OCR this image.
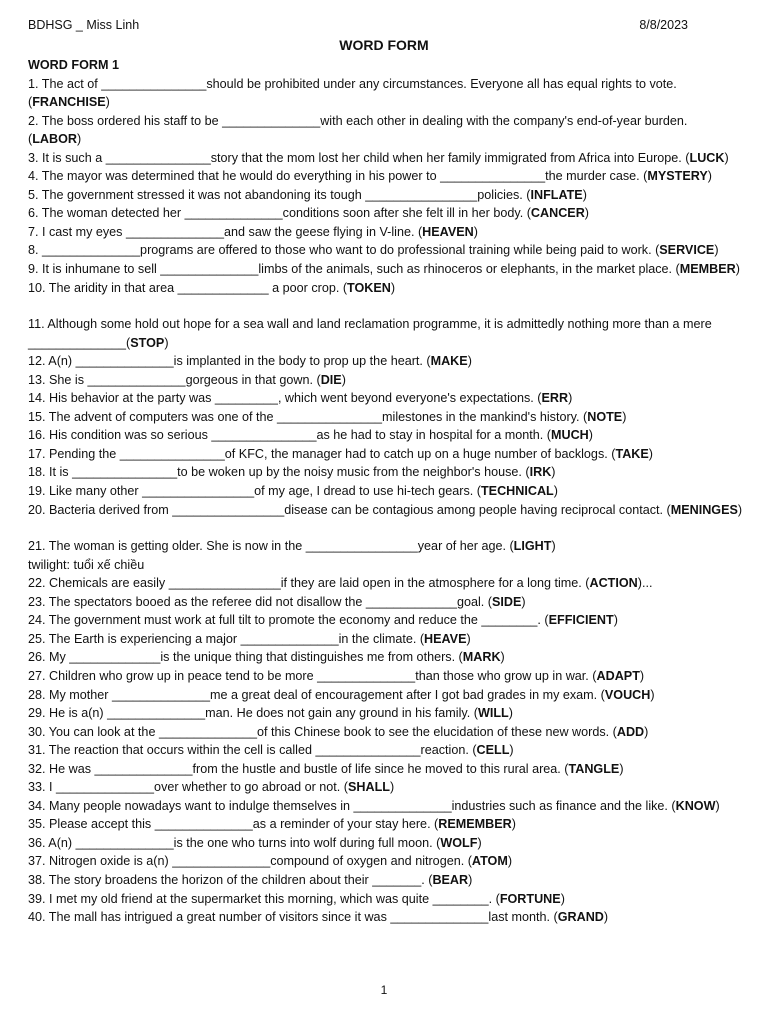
BDHSG _ Miss Linh	8/8/2023
WORD FORM
WORD FORM 1
1. The act of _______________should be prohibited under any circumstances. Everyone all has equal rights to vote. (FRANCHISE)
2. The boss ordered his staff to be ______________with each other in dealing with the company's end-of-year burden. (LABOR)
3. It is such a _______________story that the mom lost her child when her family immigrated from Africa into Europe. (LUCK)
4. The mayor was determined that he would do everything in his power to _______________the murder case. (MYSTERY)
5. The government stressed it was not abandoning its tough ________________policies. (INFLATE)
6. The woman detected her ______________conditions soon after she felt ill in her body. (CANCER)
7. I cast my eyes ______________and saw the geese flying in V-line. (HEAVEN)
8. ______________programs are offered to those who want to do professional training while being paid to work. (SERVICE)
9. It is inhumane to sell ______________limbs of the animals, such as rhinoceros or elephants, in the market place. (MEMBER)
10. The aridity in that area _____________ a poor crop. (TOKEN)
11. Although some hold out hope for a sea wall and land reclamation programme, it is admittedly nothing more than a mere ______________(STOP)
12. A(n) ______________is implanted in the body to prop up the heart. (MAKE)
13. She is ______________gorgeous in that gown. (DIE)
14. His behavior at the party was _________, which went beyond everyone's expectations. (ERR)
15. The advent of computers was one of the _______________milestones in the mankind's history. (NOTE)
16. His condition was so serious _______________as he had to stay in hospital for a month. (MUCH)
17. Pending the _______________of KFC, the manager had to catch up on a huge number of backlogs. (TAKE)
18. It is _______________to be woken up by the noisy music from the neighbor's house. (IRK)
19. Like many other ________________of my age, I dread to use hi-tech gears. (TECHNICAL)
20. Bacteria derived from ________________disease can be contagious among people having reciprocal contact. (MENINGES)
21. The woman is getting older. She is now in the ________________year of her age. (LIGHT)
twilight: tuổi xế chiều
22. Chemicals are easily ________________if they are laid open in the atmosphere for a long time. (ACTION)...
23. The spectators booed as the referee did not disallow the _____________goal. (SIDE)
24. The government must work at full tilt to promote the economy and reduce the ________. (EFFICIENT)
25. The Earth is experiencing a major ______________in the climate. (HEAVE)
26. My _____________is the unique thing that distinguishes me from others. (MARK)
27. Children who grow up in peace tend to be more ______________than those who grow up in war. (ADAPT)
28. My mother ______________me a great deal of encouragement after I got bad grades in my exam. (VOUCH)
29. He is a(n) ______________man. He does not gain any ground in his family. (WILL)
30. You can look at the ______________of this Chinese book to see the elucidation of these new words. (ADD)
31. The reaction that occurs within the cell is called _______________reaction. (CELL)
32. He was ______________from the hustle and bustle of life since he moved to this rural area. (TANGLE)
33. I ______________over whether to go abroad or not. (SHALL)
34. Many people nowadays want to indulge themselves in ______________industries such as finance and the like. (KNOW)
35. Please accept this ______________as a reminder of your stay here. (REMEMBER)
36. A(n) ______________is the one who turns into wolf during full moon. (WOLF)
37. Nitrogen oxide is a(n) ______________compound of oxygen and nitrogen. (ATOM)
38. The story broadens the horizon of the children about their _______. (BEAR)
39. I met my old friend at the supermarket this morning, which was quite ________. (FORTUNE)
40. The mall has intrigued a great number of visitors since it was ______________last month. (GRAND)
1
